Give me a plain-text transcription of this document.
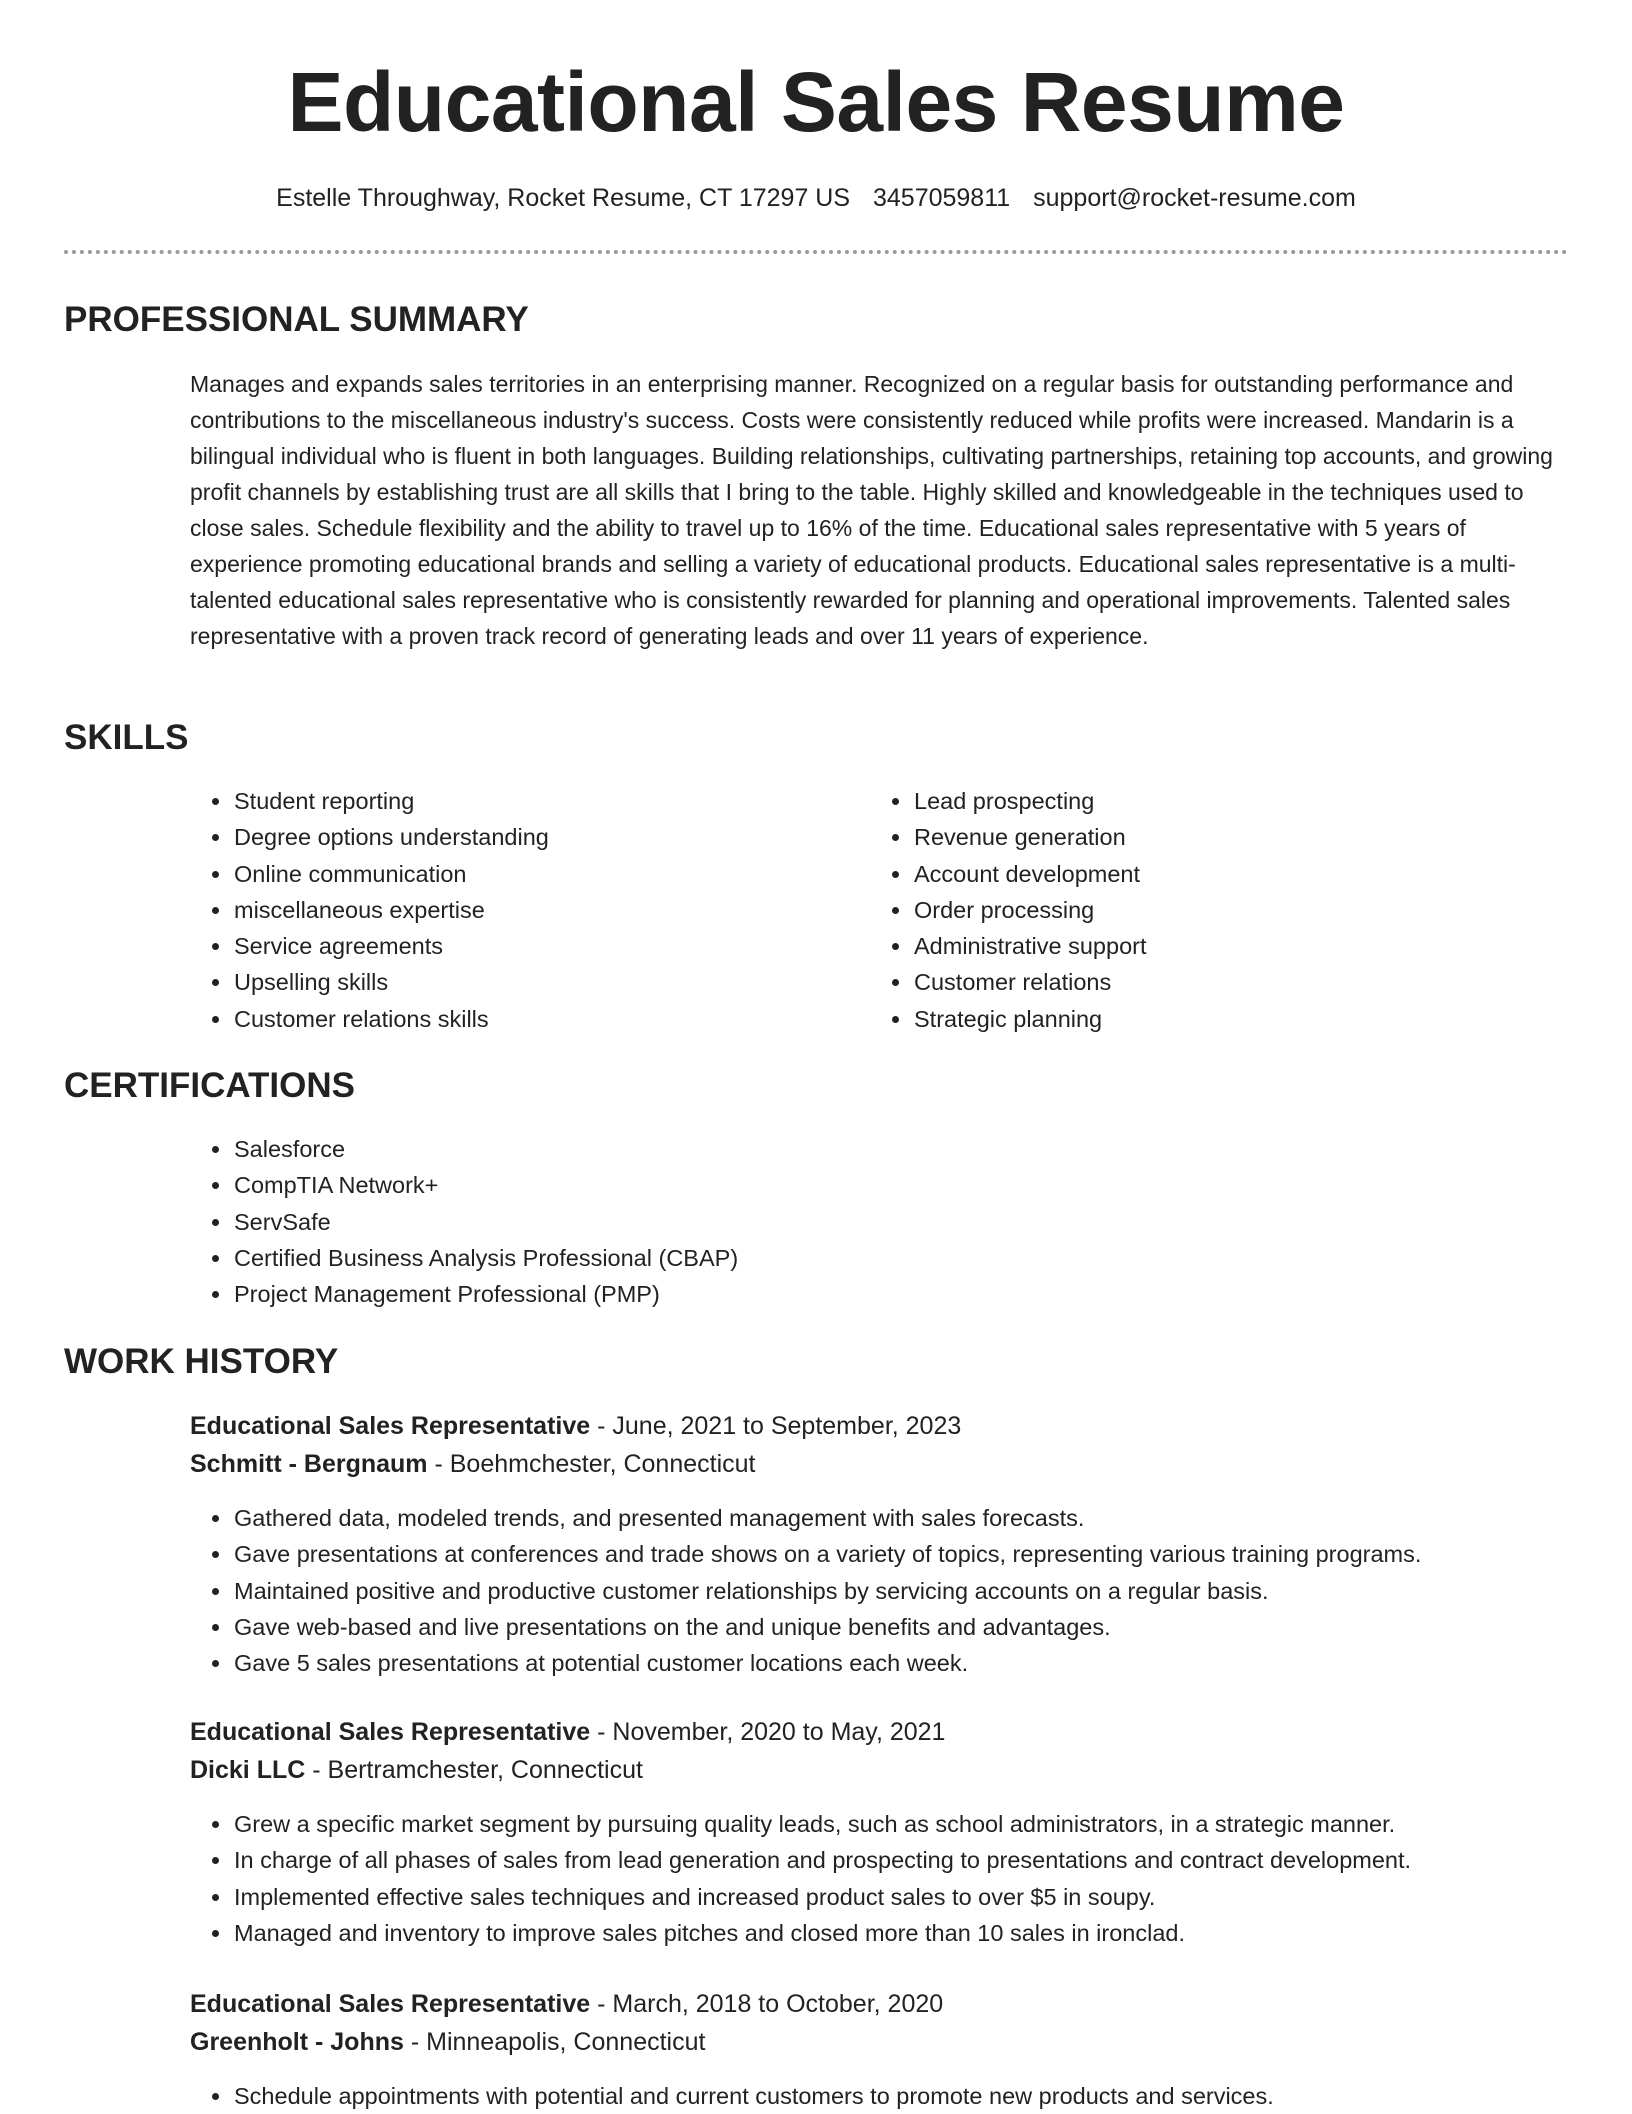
Educational Sales Resume
Estelle Throughway, Rocket Resume, CT 17297 US 3457059811 support@rocket-resume.com
PROFESSIONAL SUMMARY

Manages and expands sales territories in an enterprising manner. Recognized on a regular basis for outstanding performance and contributions to the miscellaneous industry's success. Costs were consistently reduced while profits were increased. Mandarin is a bilingual individual who is fluent in both languages. Building relationships, cultivating partnerships, retaining top accounts, and growing profit channels by establishing trust are all skills that I bring to the table. Highly skilled and knowledgeable in the techniques used to close sales. Schedule flexibility and the ability to travel up to 16% of the time. Educational sales representative with 5 years of experience promoting educational brands and selling a variety of educational products. Educational sales representative is a multi-talented educational sales representative who is consistently rewarded for planning and operational improvements. Talented sales representative with a proven track record of generating leads and over 11 years of experience.

SKILLS
• Student reporting
• Degree options understanding
• Online communication
• miscellaneous expertise
• Service agreements
• Upselling skills
• Customer relations skills
• Lead prospecting
• Revenue generation
• Account development
• Order processing
• Administrative support
• Customer relations
• Strategic planning
CERTIFICATIONS
• Salesforce
• CompTIA Network+
• ServSafe
• Certified Business Analysis Professional (CBAP)
• Project Management Professional (PMP)
WORK HISTORY
Educational Sales Representative - June, 2021 to September, 2023
Schmitt - Bergnaum - Boehmchester, Connecticut
• Gathered data, modeled trends, and presented management with sales forecasts.
• Gave presentations at conferences and trade shows on a variety of topics, representing various training programs.
• Maintained positive and productive customer relationships by servicing accounts on a regular basis.
• Gave web-based and live presentations on the and unique benefits and advantages.
• Gave 5 sales presentations at potential customer locations each week.
Educational Sales Representative - November, 2020 to May, 2021
Dicki LLC - Bertramchester, Connecticut
• Grew a specific market segment by pursuing quality leads, such as school administrators, in a strategic manner.
• In charge of all phases of sales from lead generation and prospecting to presentations and contract development.
• Implemented effective sales techniques and increased product sales to over $5 in soupy.
• Managed and inventory to improve sales pitches and closed more than 10 sales in ironclad.
Educational Sales Representative - March, 2018 to October, 2020
Greenholt - Johns - Minneapolis, Connecticut
• Schedule appointments with potential and current customers to promote new products and services.
